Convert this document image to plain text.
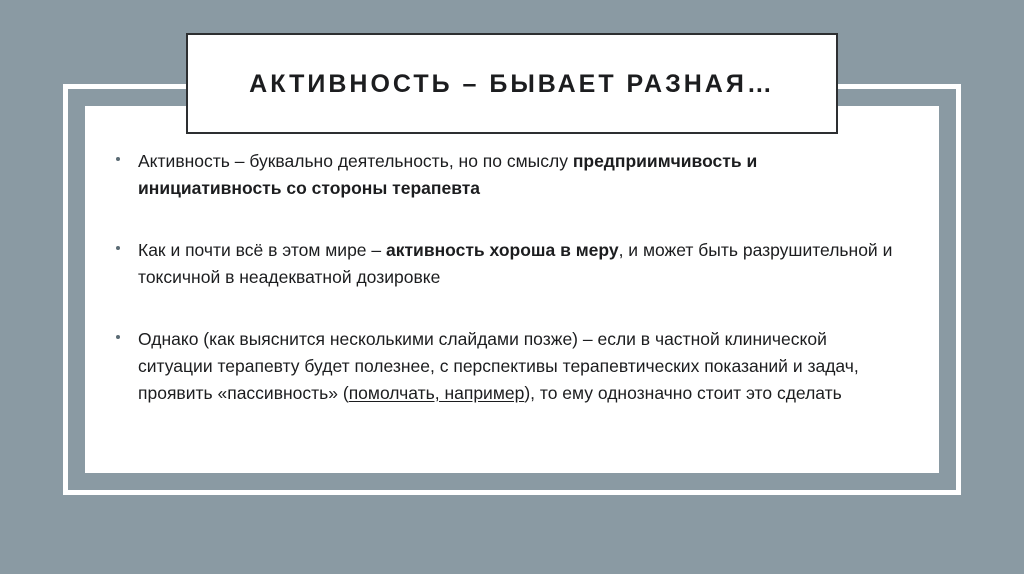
АКТИВНОСТЬ – БЫВАЕТ РАЗНАЯ…
Активность – буквально деятельность, но по смыслу предприимчивость и инициативность со стороны терапевта
Как и почти всё в этом мире – активность хороша в меру, и может быть разрушительной и токсичной в неадекватной дозировке
Однако (как выяснится несколькими слайдами позже) – если в частной клинической ситуации терапевту будет полезнее, с перспективы терапевтических показаний и задач, проявить «пассивность» (помолчать, например), то ему однозначно стоит это сделать
